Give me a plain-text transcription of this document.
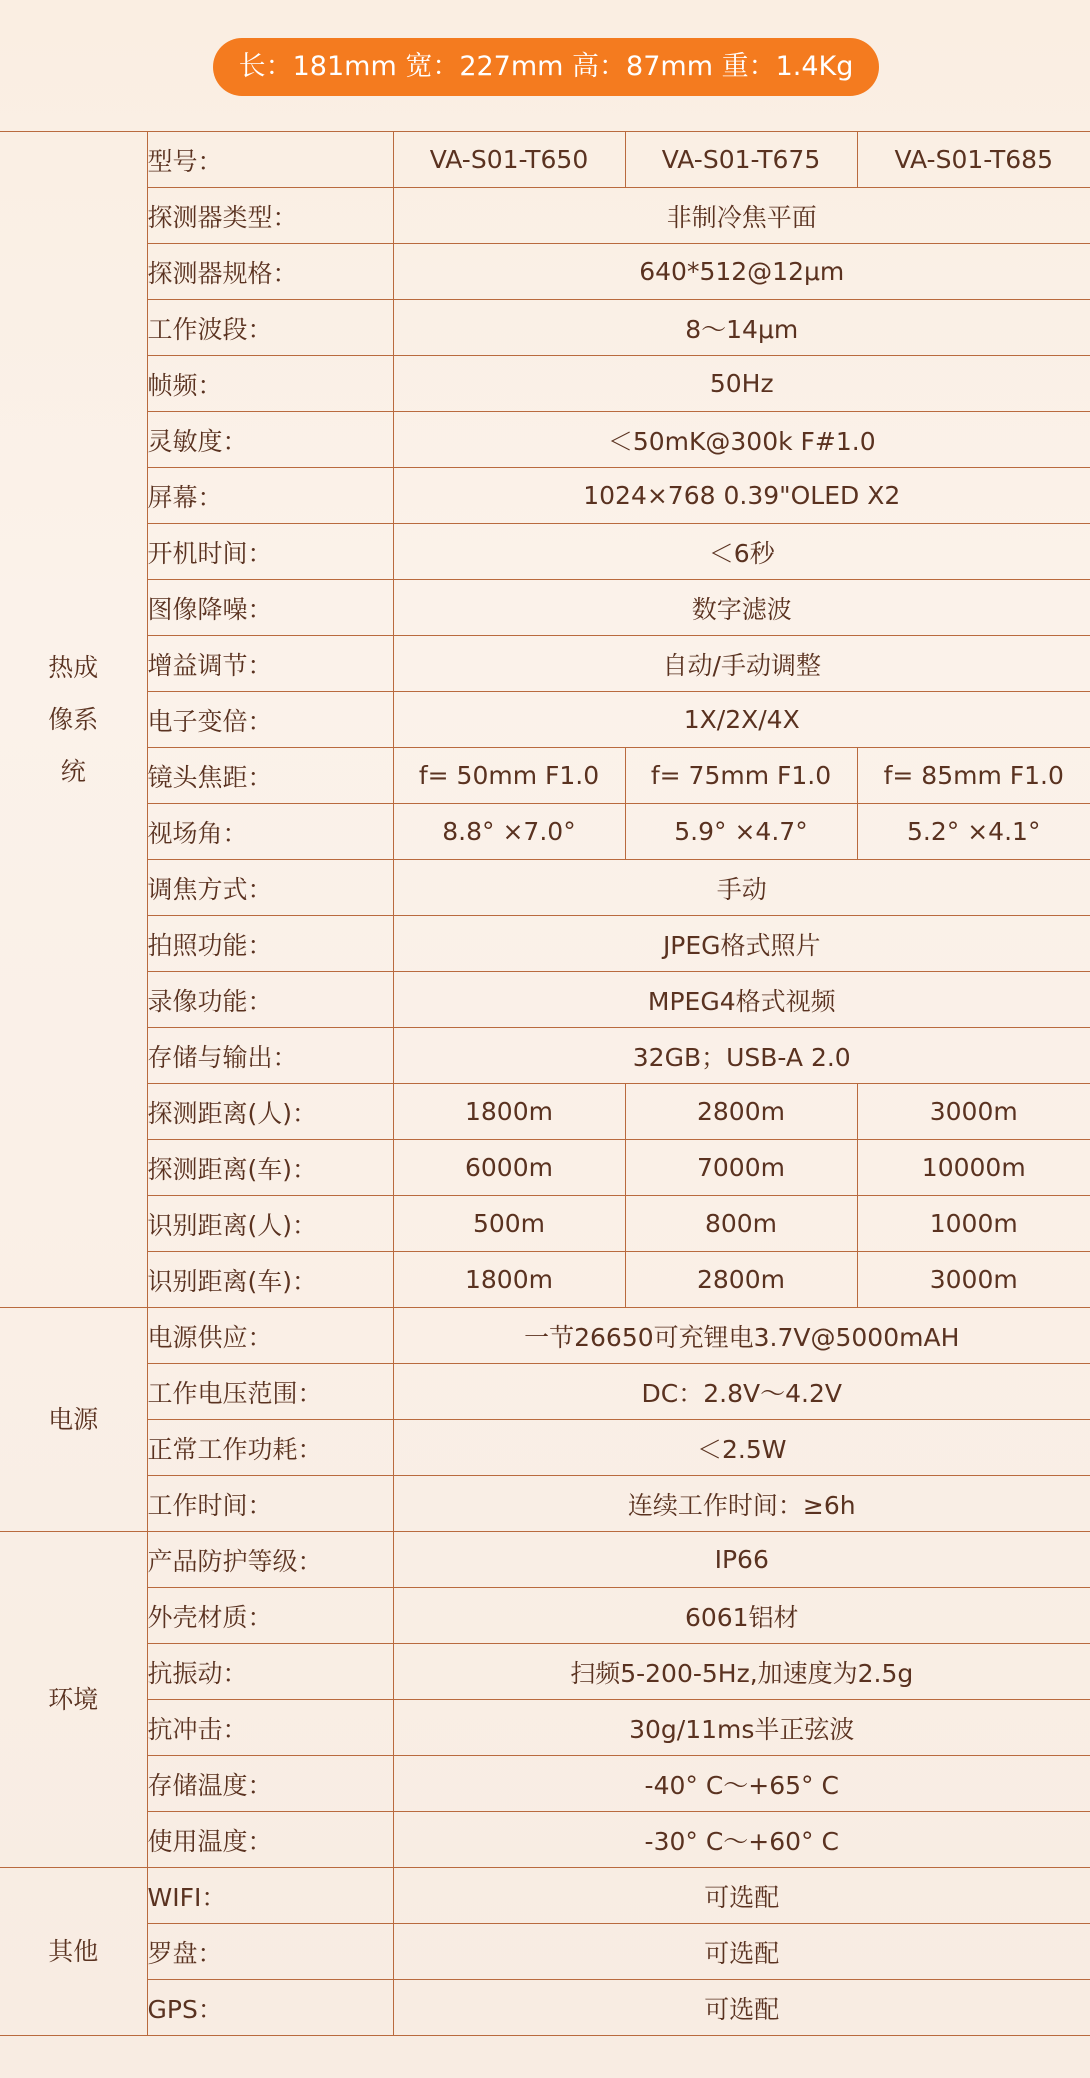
长：181mm 宽：227mm 高：87mm 重：1.4Kg
热成像系统	型号：	VA-S01-T650	VA-S01-T675	VA-S01-T685
	探测器类型：	非制冷焦平面		
	探测器规格：	640*512@12μm		
	工作波段：	8～14μm		
	帧频：	50Hz		
	灵敏度：	＜50mK@300k F#1.0		
	屏幕：	1024×768 0.39"OLED X2		
	开机时间：	＜6秒		
	图像降噪：	数字滤波		
	增益调节：	自动/手动调整		
	电子变倍：	1X/2X/4X		
	镜头焦距：	f= 50mm F1.0	f= 75mm F1.0	f= 85mm F1.0
	视场角：	8.8° ×7.0°	5.9° ×4.7°	5.2° ×4.1°
	调焦方式：	手动		
	拍照功能：	JPEG格式照片		
	录像功能：	MPEG4格式视频		
	存储与输出：	32GB；USB-A 2.0		
	探测距离(人)：	1800m	2800m	3000m
	探测距离(车)：	6000m	7000m	10000m
	识别距离(人)：	500m	800m	1000m
	识别距离(车)：	1800m	2800m	3000m
电源	电源供应：	一节26650可充锂电3.7V@5000mAH		
	工作电压范围：	DC：2.8V～4.2V		
	正常工作功耗：	＜2.5W		
	工作时间：	连续工作时间：≥6h		
环境	产品防护等级：	IP66		
	外壳材质：	6061铝材		
	抗振动：	扫频5-200-5Hz,加速度为2.5g		
	抗冲击：	30g/11ms半正弦波		
	存储温度：	-40° C～+65° C		
	使用温度：	-30° C～+60° C		
其他	WIFI：	可选配		
	罗盘：	可选配		
	GPS：	可选配		
